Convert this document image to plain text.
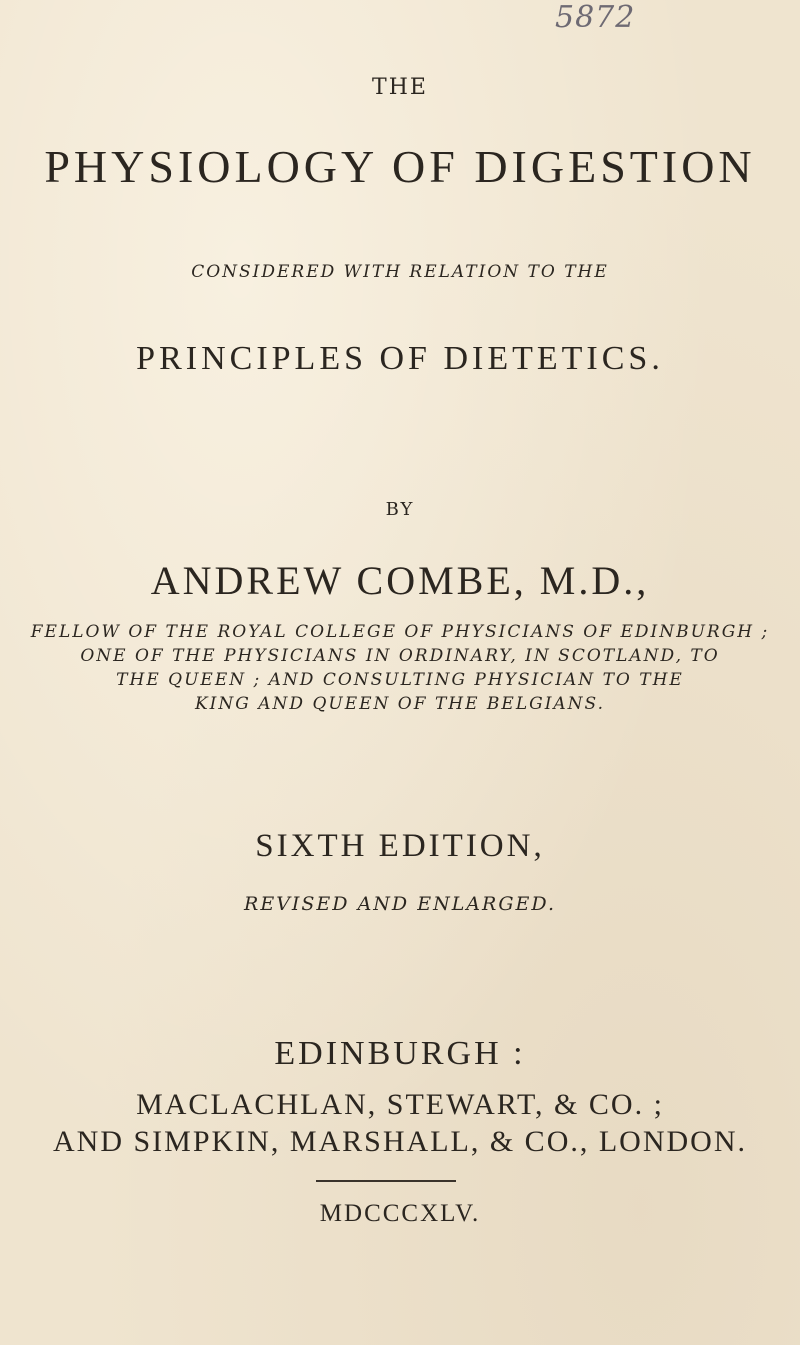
5872
THE
PHYSIOLOGY OF DIGESTION
CONSIDERED WITH RELATION TO THE
PRINCIPLES OF DIETETICS.
BY
ANDREW COMBE, M.D.,
FELLOW OF THE ROYAL COLLEGE OF PHYSICIANS OF EDINBURGH ;
ONE OF THE PHYSICIANS IN ORDINARY, IN SCOTLAND, TO
THE QUEEN ; AND CONSULTING PHYSICIAN TO THE
KING AND QUEEN OF THE BELGIANS.
SIXTH EDITION,
REVISED AND ENLARGED.
EDINBURGH :
MACLACHLAN, STEWART, & CO. ;
AND SIMPKIN, MARSHALL, & CO., LONDON.
MDCCCXLV.
